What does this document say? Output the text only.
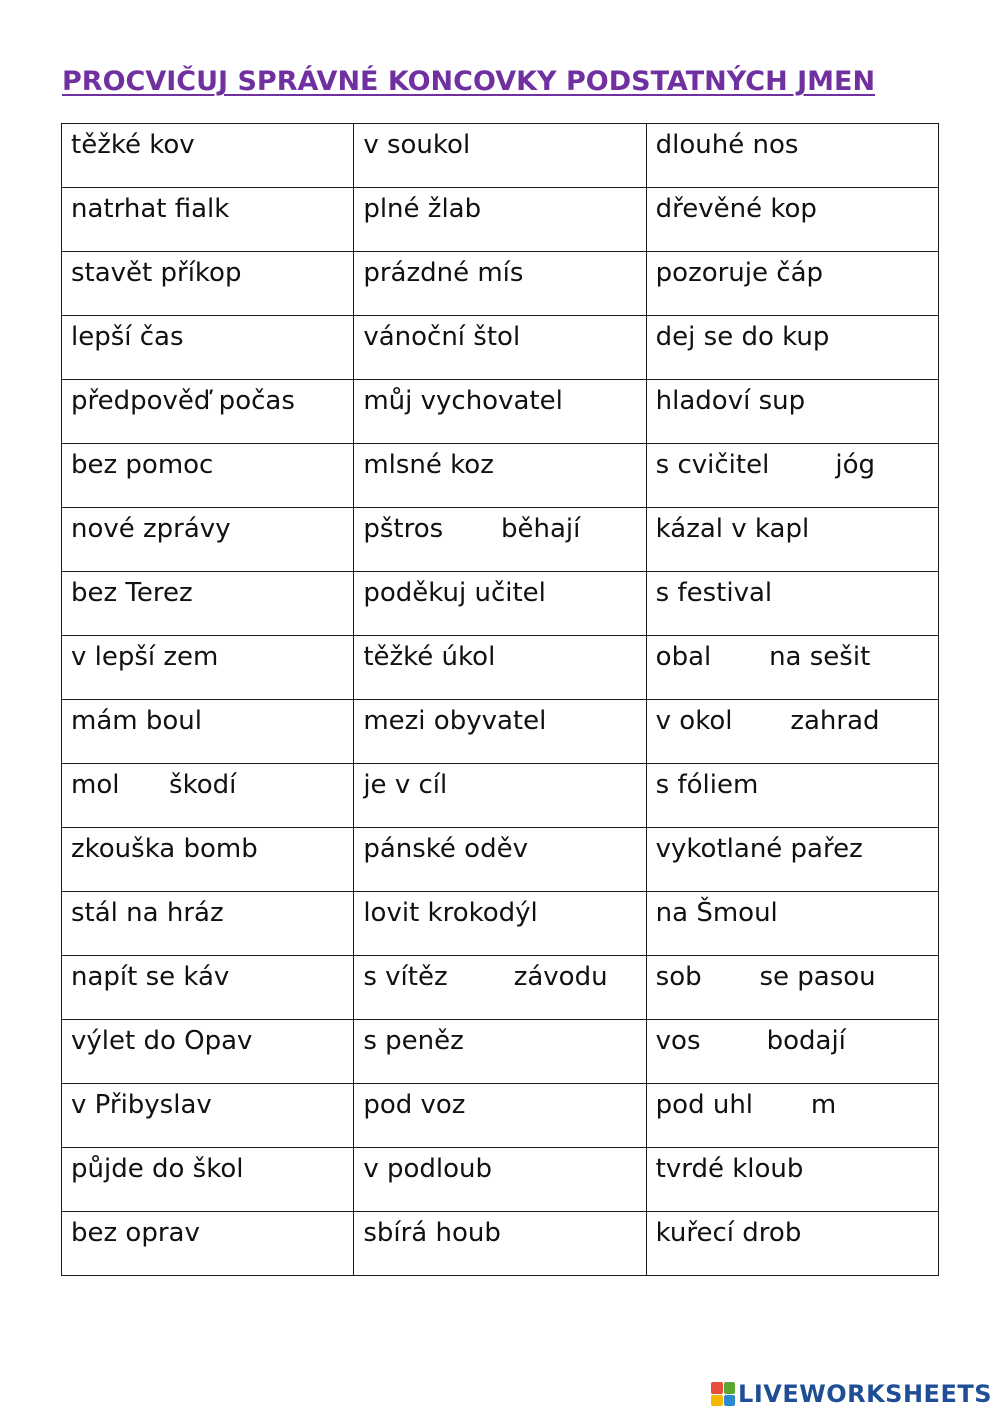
PROCVIČUJ SPRÁVNÉ KONCOVKY PODSTATNÝCH JMEN
těžké kov	v soukol	dlouhé nos

natrhat fialk	plné žlab	dřevěné kop

stavět příkop	prázdné mís	pozoruje čáp

lepší čas	vánoční štol	dej se do kup

předpověď počas	můj vychovatel	hladoví sup

bez pomoc	mlsné koz	s cvičitel        jóg

nové zprávy	pštros       běhají	kázal v kapl

bez Terez	poděkuj učitel	s festival

v lepší zem	těžké úkol	obal       na sešit

mám boul	mezi obyvatel	v okol       zahrad

mol      škodí	je v cíl	s fóliem

zkouška bomb	pánské oděv	vykotlané pařez

stál na hráz	lovit krokodýl	na Šmoul

napít se káv	s vítěz        závodu	sob       se pasou

výlet do Opav	s peněz	vos        bodají

v Přibyslav	pod voz	pod uhl       m

půjde do škol	v podloub	tvrdé kloub

bez oprav	sbírá houb	kuřecí drob
LIVEWORKSHEETS
